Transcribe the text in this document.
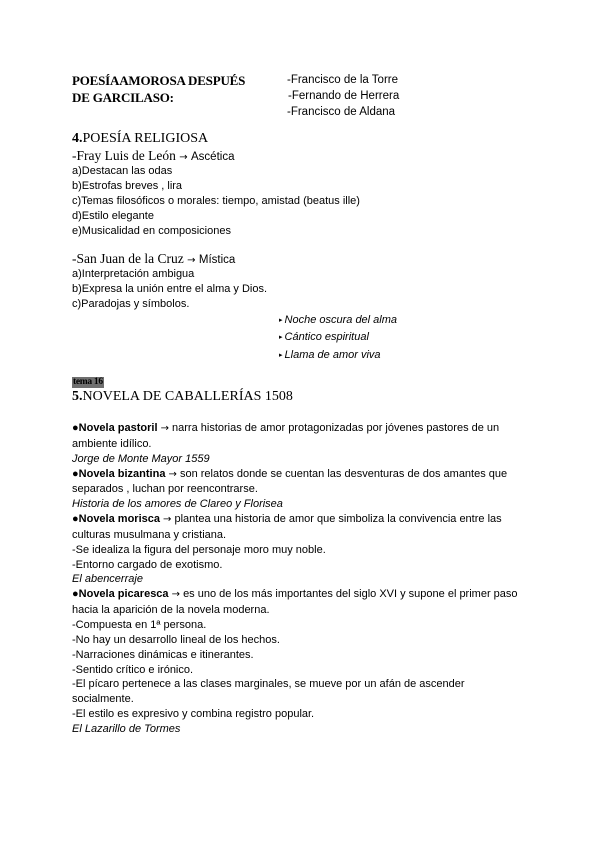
POESÍAAMOROSA DESPUÉS
DE GARCILASO:
-Francisco de la Torre
-Fernando de Herrera
-Francisco de Aldana
4.POESÍA RELIGIOSA
-Fray Luis de León → Ascética
a)Destacan las odas
b)Estrofas breves , lira
c)Temas filosóficos o morales: tiempo, amistad (beatus ille)
d)Estilo elegante
e)Musicalidad en composiciones
-San Juan de la Cruz → Mística
a)Interpretación ambigua
b)Expresa la unión entre el alma y Dios.
c)Paradojas y símbolos.
▸ Noche oscura del alma
▸ Cántico espiritual
▸ Llama de amor viva
tema 16
5.NOVELA DE CABALLERÍAS 1508

●Novela pastoril → narra historias de amor protagonizadas por jóvenes pastores de un

ambiente idílico.

Jorge de Monte Mayor 1559

●Novela bizantina → son relatos donde se cuentan las desventuras de dos amantes que

separados , luchan por reencontrarse.

Historia de los amores de Clareo y Florisea

●Novela morisca → plantea una historia de amor que simboliza la convivencia entre las

culturas musulmana y cristiana.

-Se idealiza la figura del personaje moro muy noble.

-Entorno cargado de exotismo.

El abencerraje

●Novela picaresca → es uno de los más importantes del siglo XVI y supone el primer paso

hacia la aparición de la novela moderna.

-Compuesta en 1ª persona.

-No hay un desarrollo lineal de los hechos.

-Narraciones dinámicas e itinerantes.

-Sentido crítico e irónico.

-El pícaro pertenece a las clases marginales, se mueve por un afán de ascender

socialmente.

-El estilo es expresivo y combina registro popular.

El Lazarillo de Tormes
